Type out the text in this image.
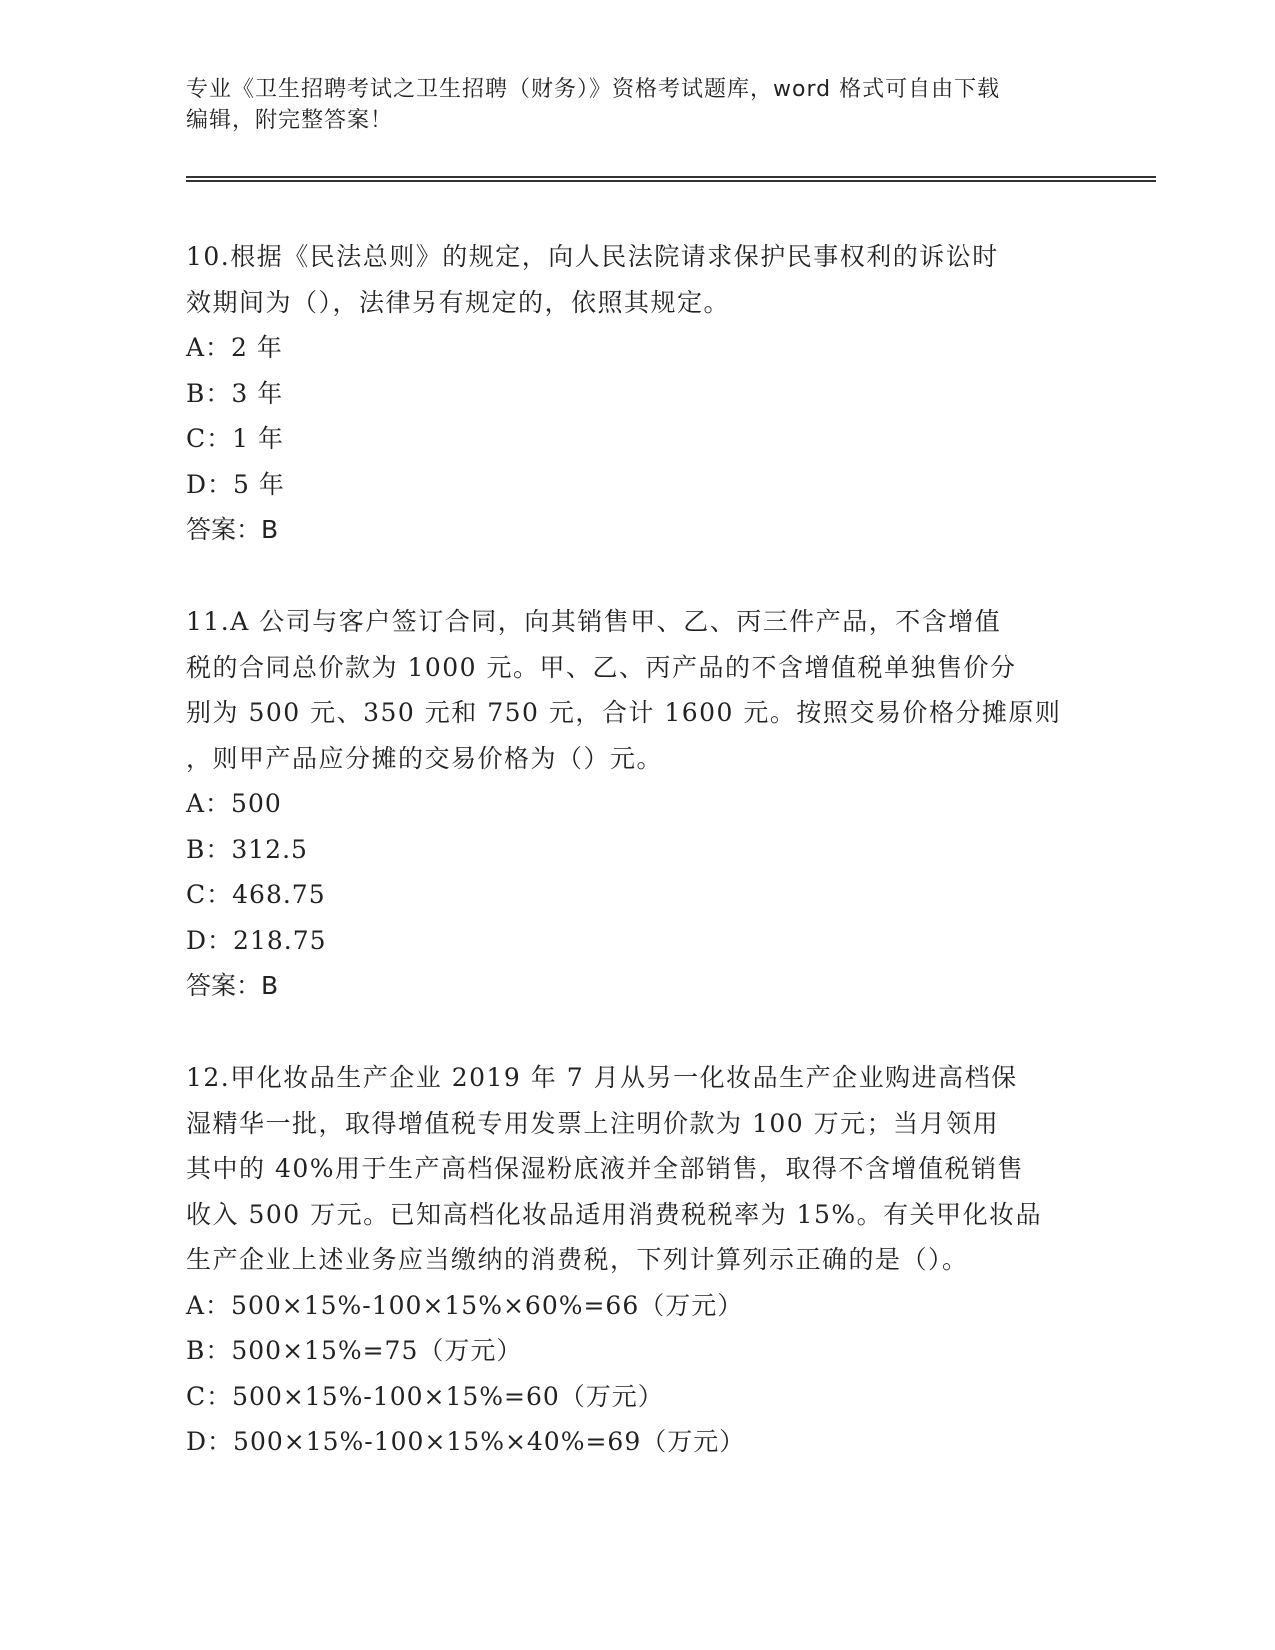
专业《卫生招聘考试之卫生招聘（财务）》资格考试题库，word 格式可自由下载
编辑，附完整答案！

10.根据《民法总则》的规定，向人民法院请求保护民事权利的诉讼时

效期间为（），法律另有规定的，依照其规定。

A：2 年

B：3 年

C：1 年

D：5 年

答案：B

11.A 公司与客户签订合同，向其销售甲、乙、丙三件产品，不含增值

税的合同总价款为 1000 元。甲、乙、丙产品的不含增值税单独售价分

别为 500 元、350 元和 750 元，合计 1600 元。按照交易价格分摊原则

，则甲产品应分摊的交易价格为（）元。

A：500

B：312.5

C：468.75

D：218.75

答案：B

12.甲化妆品生产企业 2019 年 7 月从另一化妆品生产企业购进高档保

湿精华一批，取得增值税专用发票上注明价款为 100 万元；当月领用

其中的 40%用于生产高档保湿粉底液并全部销售，取得不含增值税销售

收入 500 万元。已知高档化妆品适用消费税税率为 15%。有关甲化妆品

生产企业上述业务应当缴纳的消费税，下列计算列示正确的是（）。

A：500×15%-100×15%×60%=66（万元）

B：500×15%=75（万元）

C：500×15%-100×15%=60（万元）

D：500×15%-100×15%×40%=69（万元）
